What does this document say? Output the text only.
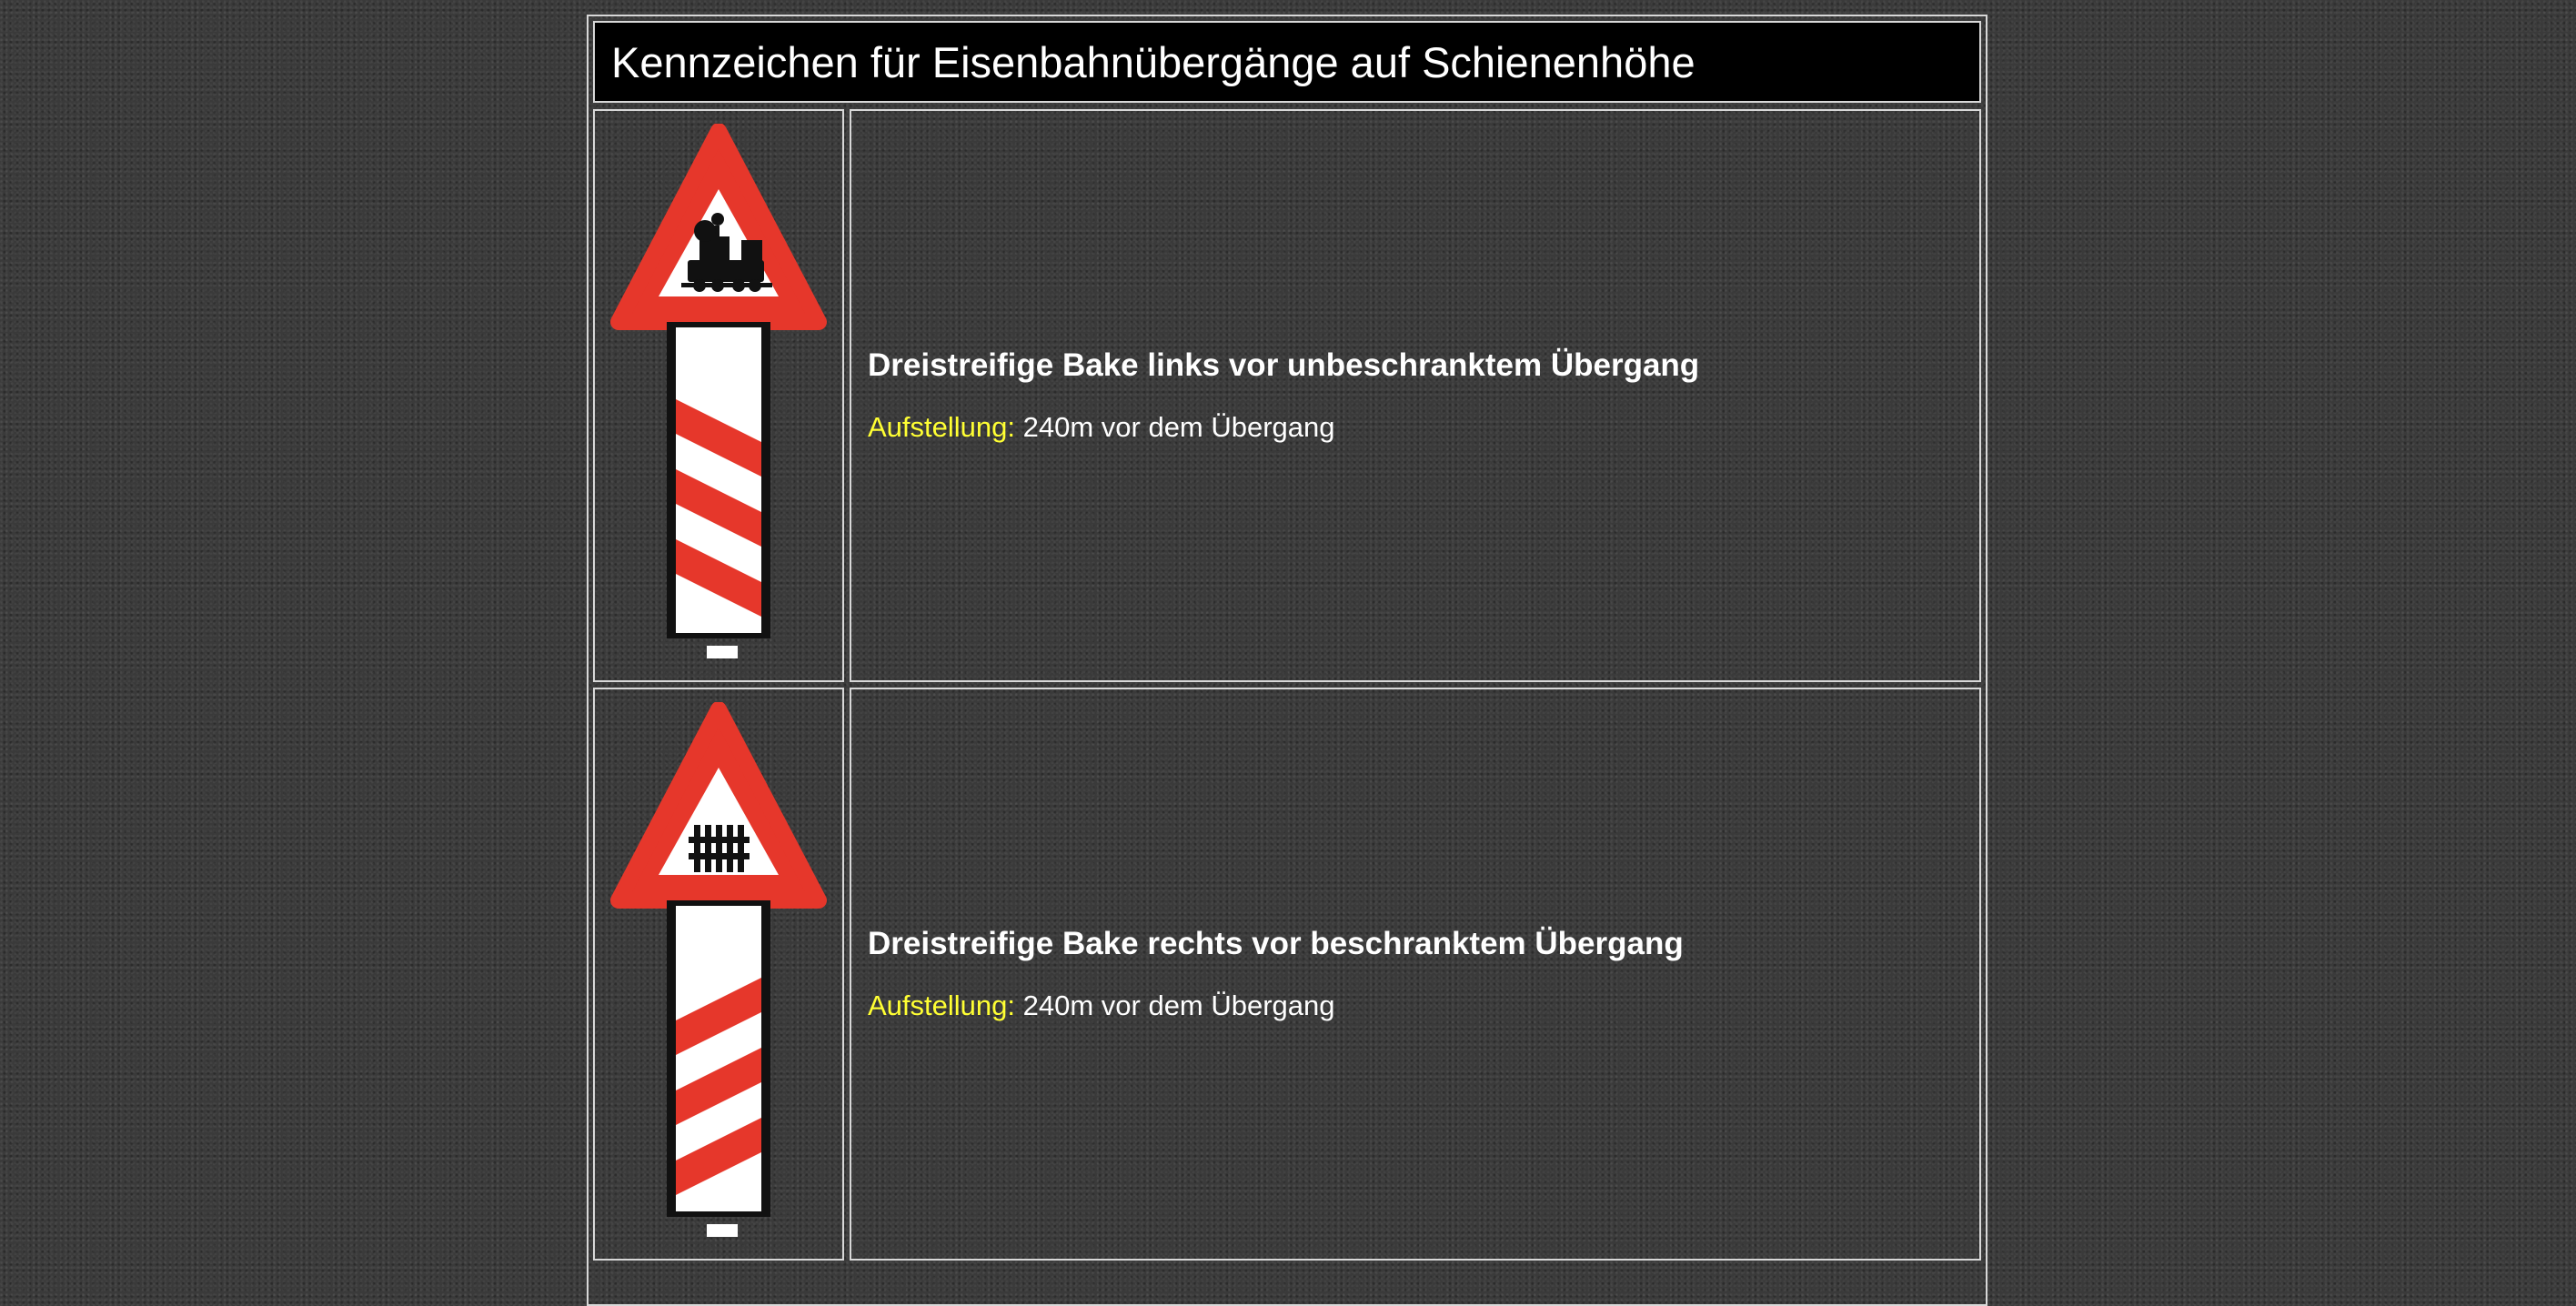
Kennzeichen für Eisenbahnübergänge auf Schienenhöhe

Dreistreifige Bake links vor unbeschranktem Übergang

Aufstellung: 240m vor dem Übergang

Dreistreifige Bake rechts vor beschranktem Übergang

Aufstellung: 240m vor dem Übergang
